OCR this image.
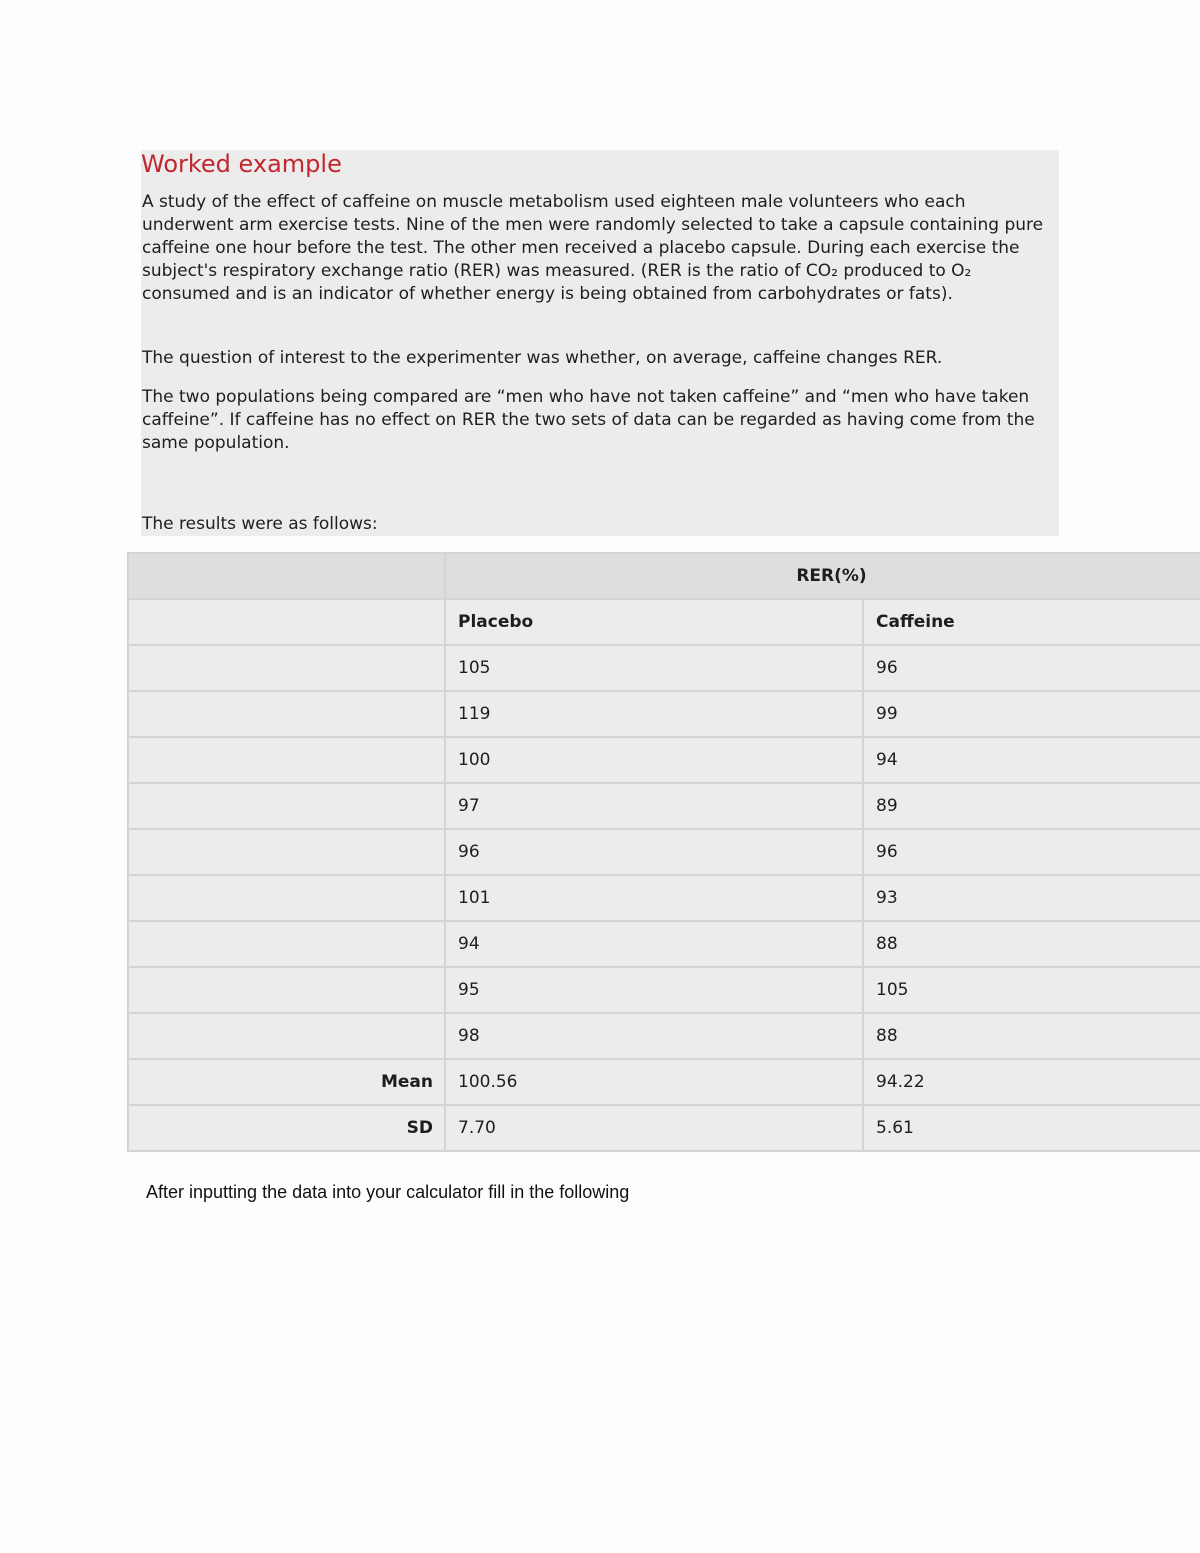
Worked example

A study of the effect of caffeine on muscle metabolism used eighteen male volunteers who each underwent arm exercise tests. Nine of the men were randomly selected to take a capsule containing pure caffeine one hour before the test. The other men received a placebo capsule. During each exercise the subject's respiratory exchange ratio (RER) was measured. (RER is the ratio of CO₂ produced to O₂ consumed and is an indicator of whether energy is being obtained from carbohydrates or fats).

The question of interest to the experimenter was whether, on average, caffeine changes RER.

The two populations being compared are “men who have not taken caffeine” and “men who have taken caffeine”. If caffeine has no effect on RER the two sets of data can be regarded as having come from the same population.

The results were as follows:

	RER(%)	
	Placebo	Caffeine
	105	96
	119	99
	100	94
	97	89
	96	96
	101	93
	94	88
	95	105
	98	88
Mean	100.56	94.22
SD	7.70	5.61

After inputting the data into your calculator fill in the following
